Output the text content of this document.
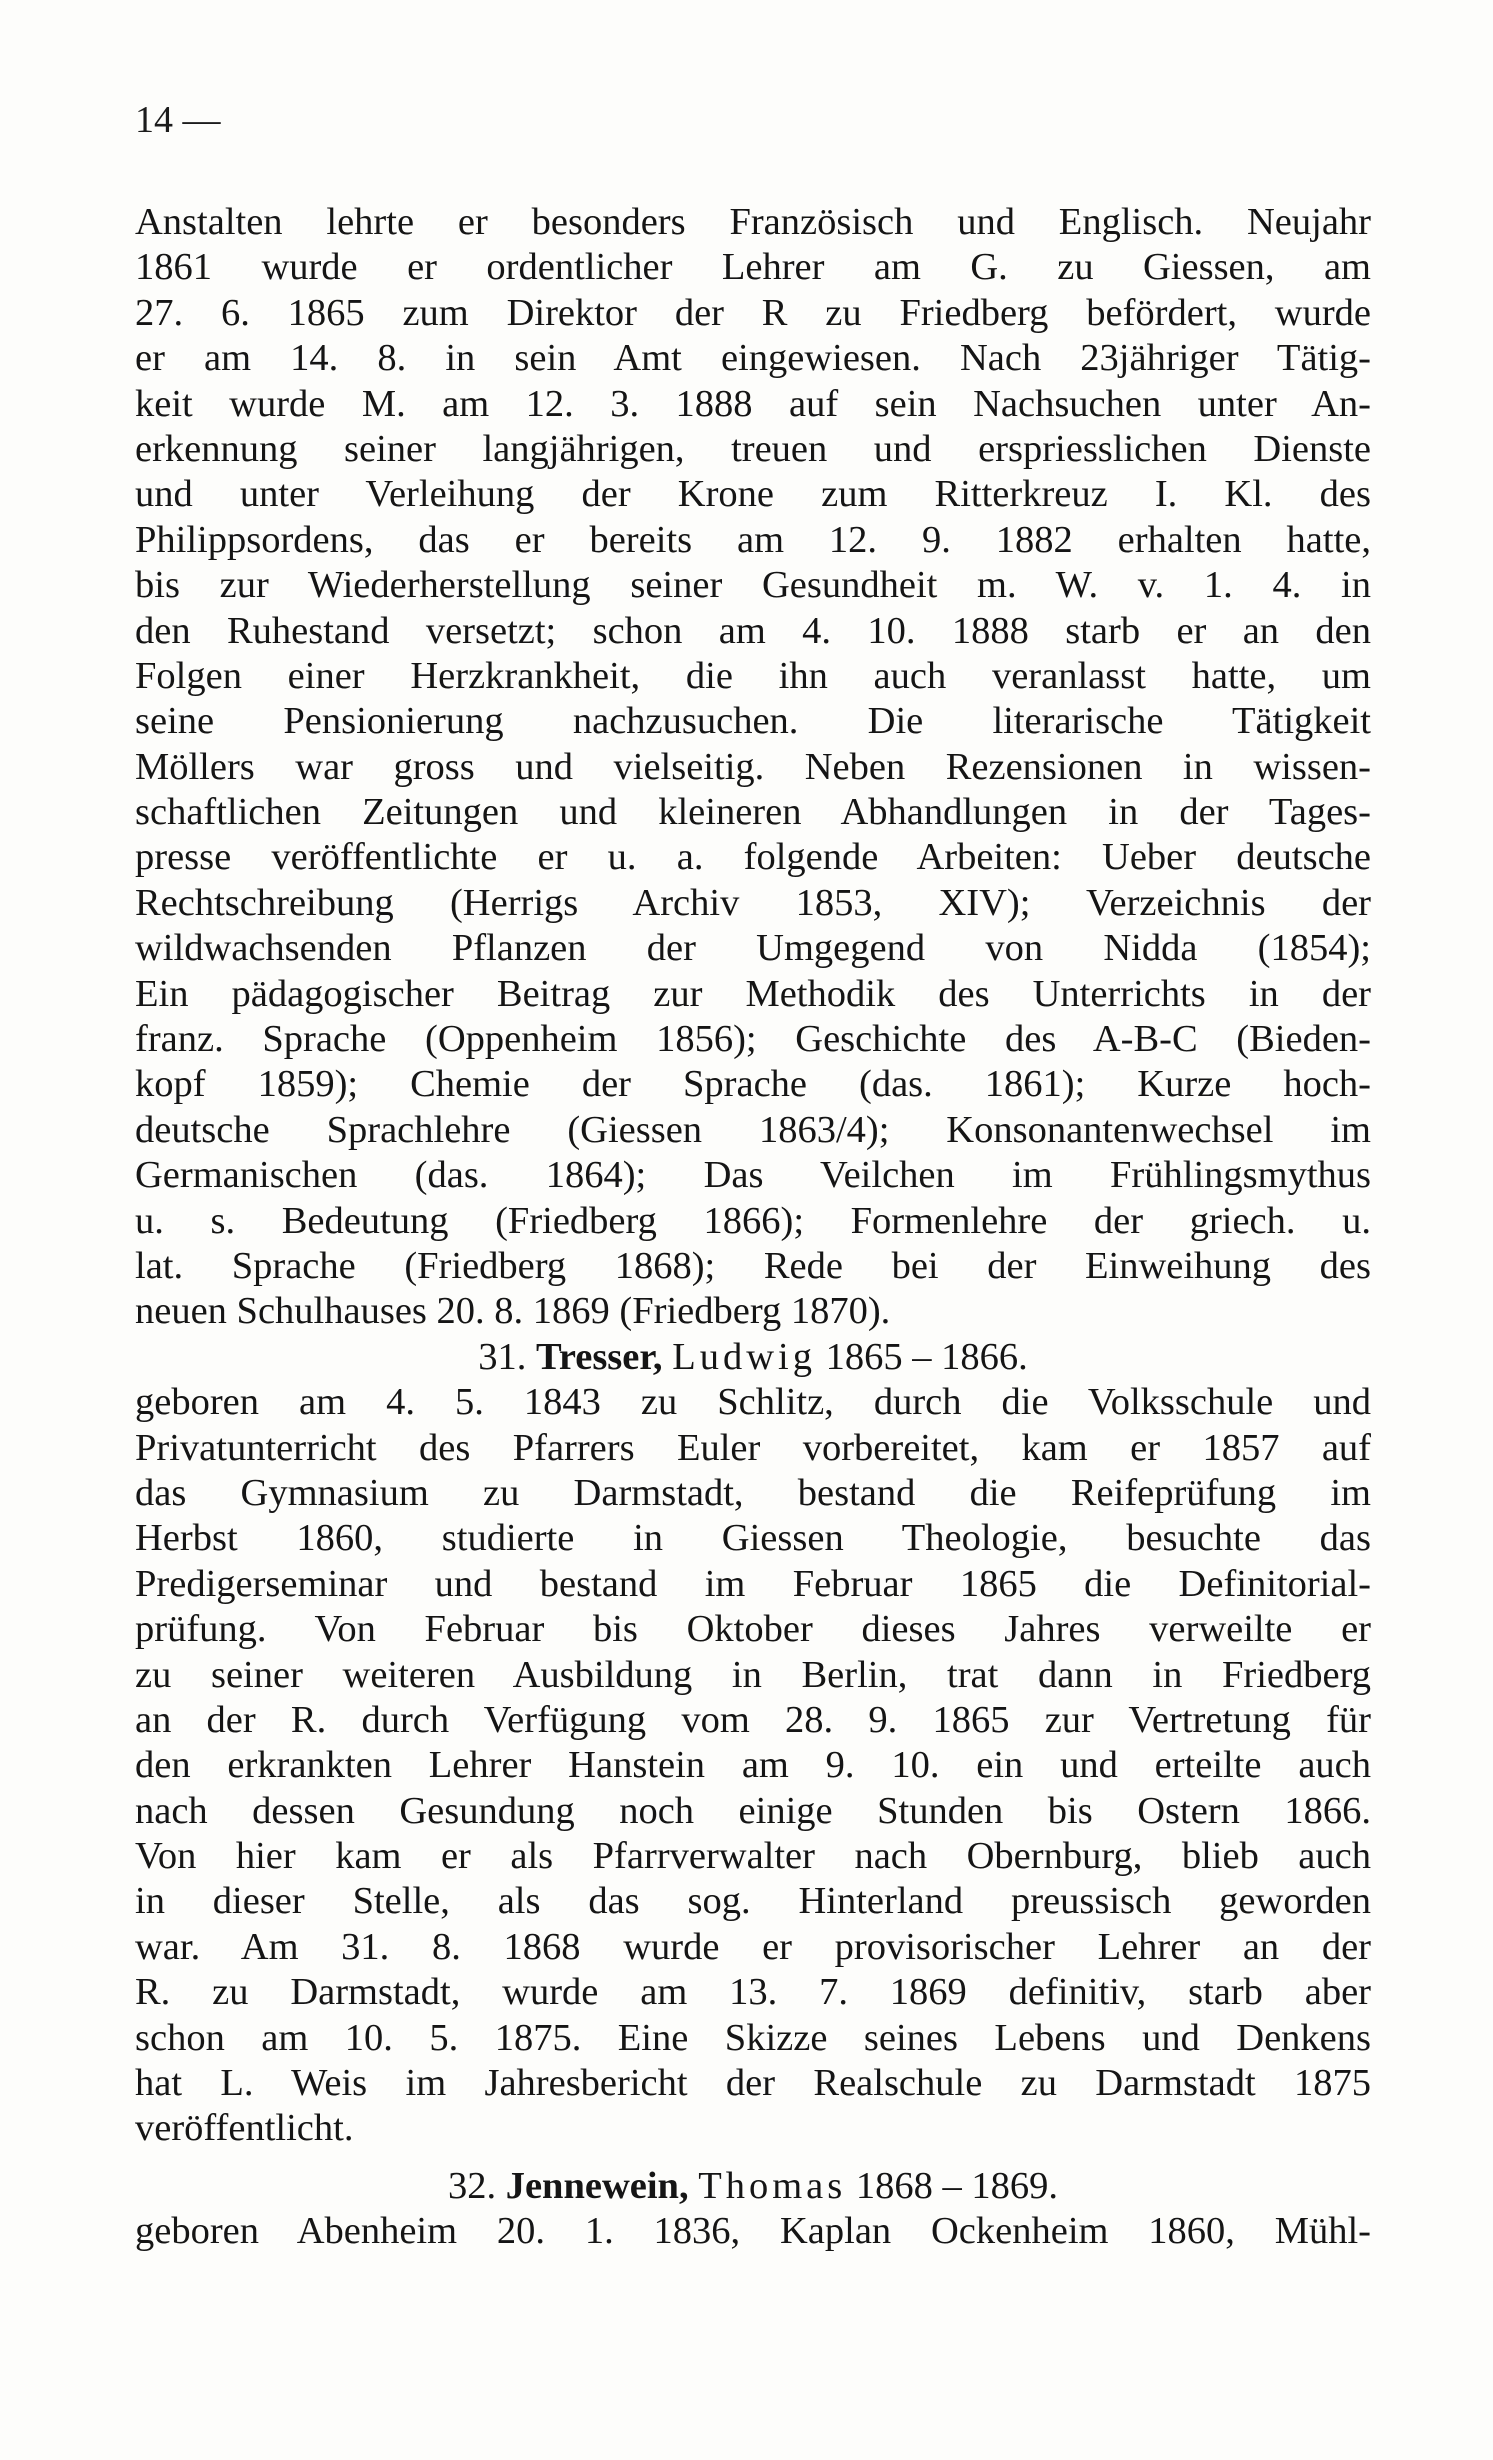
14 —
Anstalten lehrte er besonders Französisch und Englisch. Neujahr
1861 wurde er ordentlicher Lehrer am G. zu Giessen, am
27. 6. 1865 zum Direktor der R zu Friedberg befördert, wurde
er am 14. 8. in sein Amt eingewiesen. Nach 23jähriger Tätig-
keit wurde M. am 12. 3. 1888 auf sein Nachsuchen unter An-
erkennung seiner langjährigen, treuen und erspriesslichen Dienste
und unter Verleihung der Krone zum Ritterkreuz I. Kl. des
Philippsordens, das er bereits am 12. 9. 1882 erhalten hatte,
bis zur Wiederherstellung seiner Gesundheit m. W. v. 1. 4. in
den Ruhestand versetzt; schon am 4. 10. 1888 starb er an den
Folgen einer Herzkrankheit, die ihn auch veranlasst hatte, um
seine Pensionierung nachzusuchen. Die literarische Tätigkeit
Möllers war gross und vielseitig. Neben Rezensionen in wissen-
schaftlichen Zeitungen und kleineren Abhandlungen in der Tages-
presse veröffentlichte er u. a. folgende Arbeiten: Ueber deutsche
Rechtschreibung (Herrigs Archiv 1853, XIV); Verzeichnis der
wildwachsenden Pflanzen der Umgegend von Nidda (1854);
Ein pädagogischer Beitrag zur Methodik des Unterrichts in der
franz. Sprache (Oppenheim 1856); Geschichte des A-B-C (Bieden-
kopf 1859); Chemie der Sprache (das. 1861); Kurze hoch-
deutsche Sprachlehre (Giessen 1863/4); Konsonantenwechsel im
Germanischen (das. 1864); Das Veilchen im Frühlingsmythus
u. s. Bedeutung (Friedberg 1866); Formenlehre der griech. u.
lat. Sprache (Friedberg 1868); Rede bei der Einweihung des
neuen Schulhauses 20. 8. 1869 (Friedberg 1870).
31. Tresser, Ludwig 1865 – 1866.
geboren am 4. 5. 1843 zu Schlitz, durch die Volksschule und
Privatunterricht des Pfarrers Euler vorbereitet, kam er 1857 auf
das Gymnasium zu Darmstadt, bestand die Reifeprüfung im
Herbst 1860, studierte in Giessen Theologie, besuchte das
Predigerseminar und bestand im Februar 1865 die Definitorial-
prüfung. Von Februar bis Oktober dieses Jahres verweilte er
zu seiner weiteren Ausbildung in Berlin, trat dann in Friedberg
an der R. durch Verfügung vom 28. 9. 1865 zur Vertretung für
den erkrankten Lehrer Hanstein am 9. 10. ein und erteilte auch
nach dessen Gesundung noch einige Stunden bis Ostern 1866.
Von hier kam er als Pfarrverwalter nach Obernburg, blieb auch
in dieser Stelle, als das sog. Hinterland preussisch geworden
war. Am 31. 8. 1868 wurde er provisorischer Lehrer an der
R. zu Darmstadt, wurde am 13. 7. 1869 definitiv, starb aber
schon am 10. 5. 1875. Eine Skizze seines Lebens und Denkens
hat L. Weis im Jahresbericht der Realschule zu Darmstadt 1875
veröffentlicht.
32. Jennewein, Thomas 1868 – 1869.
geboren Abenheim 20. 1. 1836, Kaplan Ockenheim 1860, Mühl-
